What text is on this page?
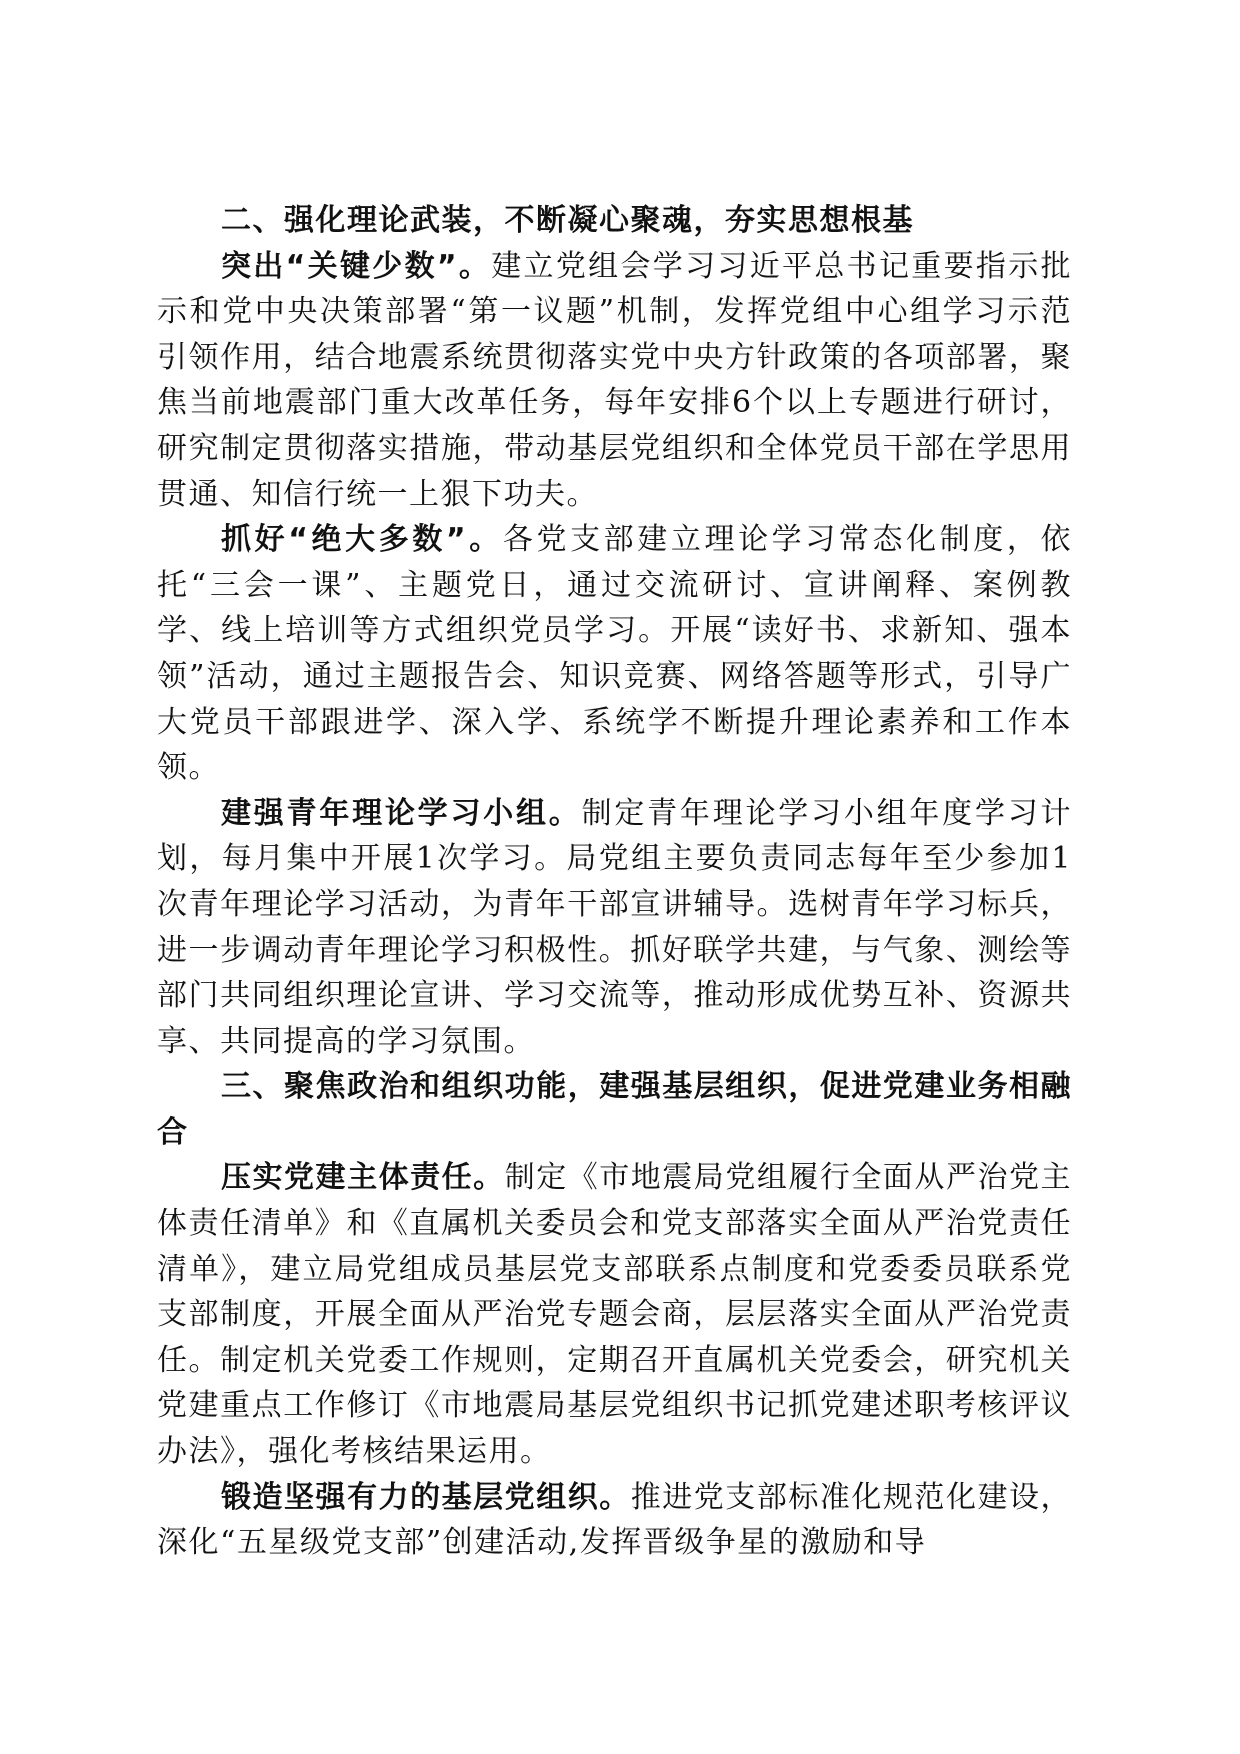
二、强化理论武装，不断凝心聚魂，夯实思想根基

突出“关键少数”。建立党组会学习习近平总书记重要指示批示和党中央决策部署“第一议题”机制，发挥党组中心组学习示范引领作用，结合地震系统贯彻落实党中央方针政策的各项部署，聚焦当前地震部门重大改革任务，每年安排6个以上专题进行研讨，研究制定贯彻落实措施，带动基层党组织和全体党员干部在学思用贯通、知信行统一上狠下功夫。

抓好“绝大多数”。各党支部建立理论学习常态化制度，依托“三会一课”、主题党日，通过交流研讨、宣讲阐释、案例教学、线上培训等方式组织党员学习。开展“读好书、求新知、强本领”活动，通过主题报告会、知识竞赛、网络答题等形式，引导广大党员干部跟进学、深入学、系统学不断提升理论素养和工作本领。

建强青年理论学习小组。制定青年理论学习小组年度学习计划，每月集中开展1次学习。局党组主要负责同志每年至少参加1次青年理论学习活动，为青年干部宣讲辅导。选树青年学习标兵，进一步调动青年理论学习积极性。抓好联学共建，与气象、测绘等部门共同组织理论宣讲、学习交流等，推动形成优势互补、资源共享、共同提高的学习氛围。

三、聚焦政治和组织功能，建强基层组织，促进党建业务相融合

压实党建主体责任。制定《市地震局党组履行全面从严治党主体责任清单》和《直属机关委员会和党支部落实全面从严治党责任清单》，建立局党组成员基层党支部联系点制度和党委委员联系党支部制度，开展全面从严治党专题会商，层层落实全面从严治党责任。制定机关党委工作规则，定期召开直属机关党委会，研究机关党建重点工作修订《市地震局基层党组织书记抓党建述职考核评议办法》，强化考核结果运用。

锻造坚强有力的基层党组织。推进党支部标准化规范化建设，深化“五星级党支部”创建活动,发挥晋级争星的激励和导
